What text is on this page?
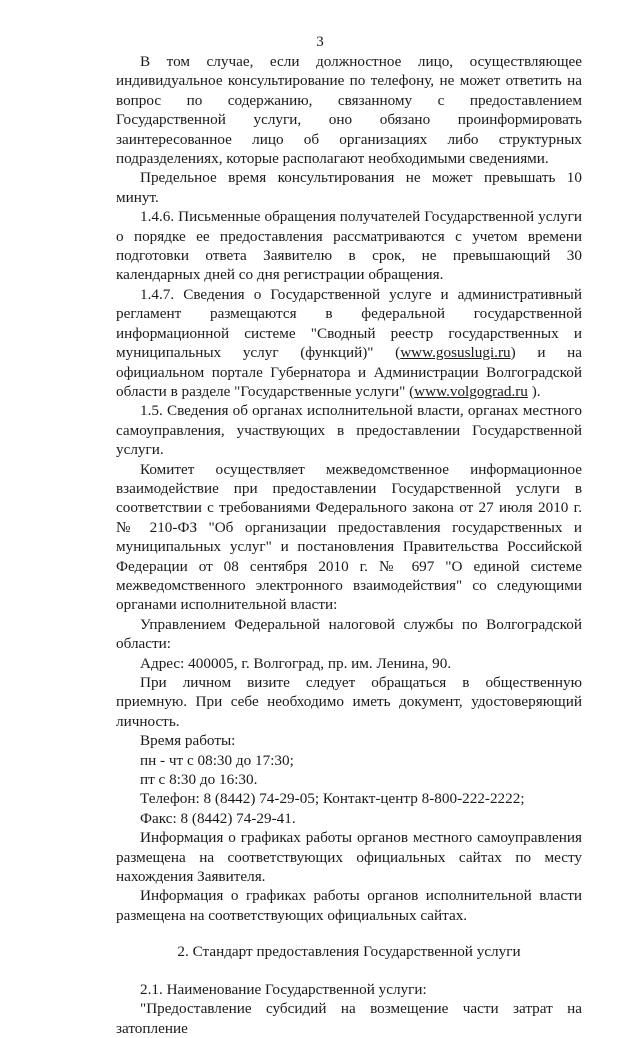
3

В том случае, если должностное лицо, осуществляющее индивидуальное консультирование по телефону, не может ответить на вопрос по содержанию, связанному с предоставлением Государственной услуги, оно обязано проинформировать заинтересованное лицо об организациях либо структурных подразделениях, которые располагают необходимыми сведениями.

Предельное время консультирования не может превышать 10 минут.

1.4.6. Письменные обращения получателей Государственной услуги о порядке ее предоставления рассматриваются с учетом времени подготовки ответа Заявителю в срок, не превышающий 30 календарных дней со дня регистрации обращения.

1.4.7. Сведения о Государственной услуге и административный регламент размещаются в федеральной государственной информационной системе "Сводный реестр государственных и муниципальных услуг (функций)" (www.gosuslugi.ru) и на официальном портале Губернатора и Администрации Волгоградской области в разделе "Государственные услуги" (www.volgograd.ru ).

1.5. Сведения об органах исполнительной власти, органах местного самоуправления, участвующих в предоставлении Государственной услуги.

Комитет осуществляет межведомственное информационное взаимодействие при предоставлении Государственной услуги в соответствии с требованиями Федерального закона от 27 июля 2010 г. № 210-ФЗ "Об организации предоставления государственных и муниципальных услуг" и постановления Правительства Российской Федерации от 08 сентября 2010 г. № 697 "О единой системе межведомственного электронного взаимодействия" со следующими органами исполнительной власти:

Управлением Федеральной налоговой службы по Волгоградской области:

Адрес: 400005, г. Волгоград, пр. им. Ленина, 90.

При личном визите следует обращаться в общественную приемную. При себе необходимо иметь документ, удостоверяющий личность.

Время работы:

пн - чт с 08:30 до 17:30;

пт с 8:30 до 16:30.

Телефон: 8 (8442) 74-29-05; Контакт-центр 8-800-222-2222;

Факс: 8 (8442) 74-29-41.

Информация о графиках работы органов местного самоуправления размещена на соответствующих официальных сайтах по месту нахождения Заявителя.

Информация о графиках работы органов исполнительной власти размещена на соответствующих официальных сайтах.

2. Стандарт предоставления Государственной услуги

2.1. Наименование Государственной услуги:

"Предоставление субсидий на возмещение части затрат на затопление
